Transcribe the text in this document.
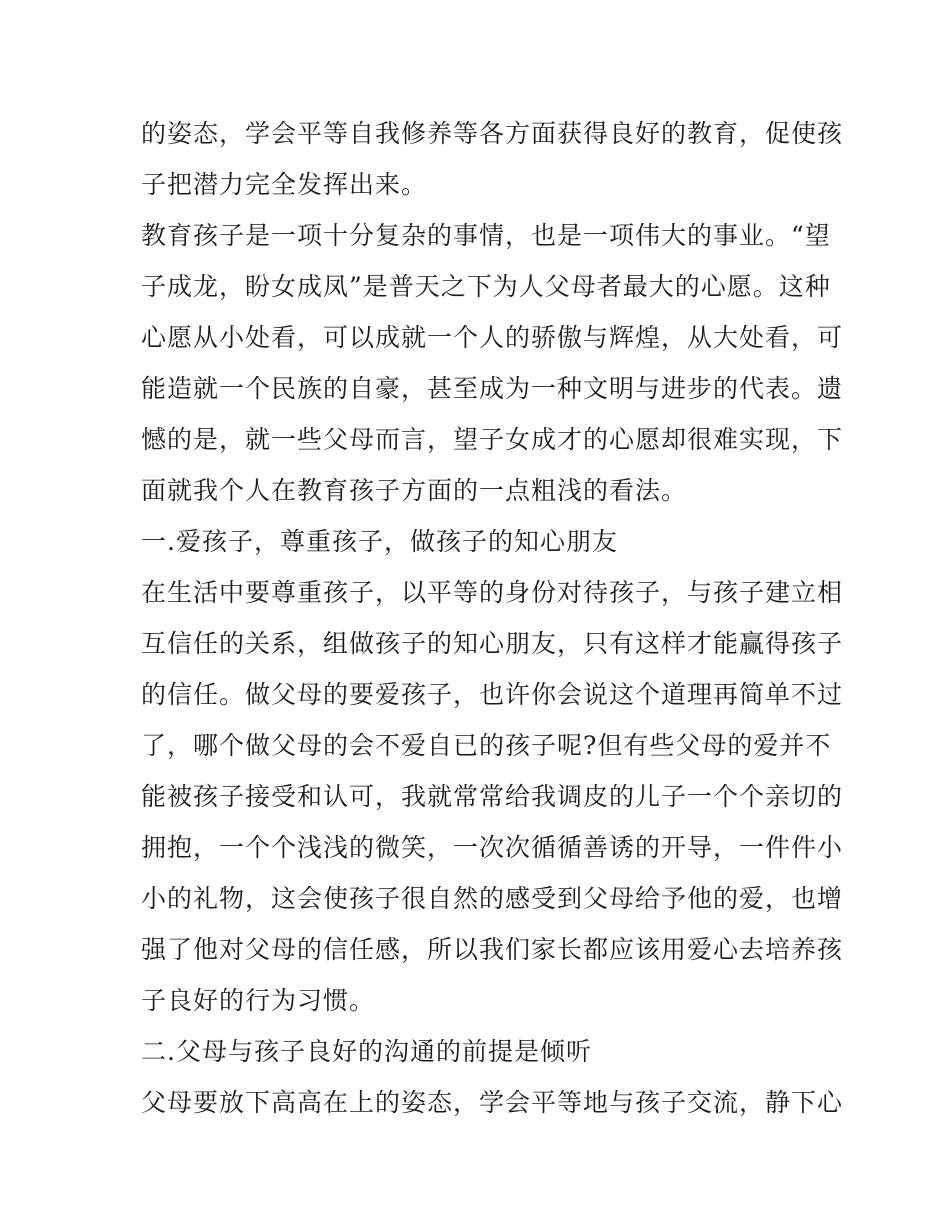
的姿态，学会平等自我修养等各方面获得良好的教育，促使孩
子把潜力完全发挥出来。
教育孩子是一项十分复杂的事情，也是一项伟大的事业。“望
子成龙，盼女成凤”是普天之下为人父母者最大的心愿。这种
心愿从小处看，可以成就一个人的骄傲与辉煌，从大处看，可
能造就一个民族的自豪，甚至成为一种文明与进步的代表。遗
憾的是，就一些父母而言，望子女成才的心愿却很难实现，下
面就我个人在教育孩子方面的一点粗浅的看法。
一.爱孩子，尊重孩子，做孩子的知心朋友
在生活中要尊重孩子，以平等的身份对待孩子，与孩子建立相
互信任的关系，组做孩子的知心朋友，只有这样才能赢得孩子
的信任。做父母的要爱孩子，也许你会说这个道理再简单不过
了，哪个做父母的会不爱自已的孩子呢?但有些父母的爱并不
能被孩子接受和认可，我就常常给我调皮的儿子一个个亲切的
拥抱，一个个浅浅的微笑，一次次循循善诱的开导，一件件小
小的礼物，这会使孩子很自然的感受到父母给予他的爱，也增
强了他对父母的信任感，所以我们家长都应该用爱心去培养孩
子良好的行为习惯。
二.父母与孩子良好的沟通的前提是倾听
父母要放下高高在上的姿态，学会平等地与孩子交流，静下心
